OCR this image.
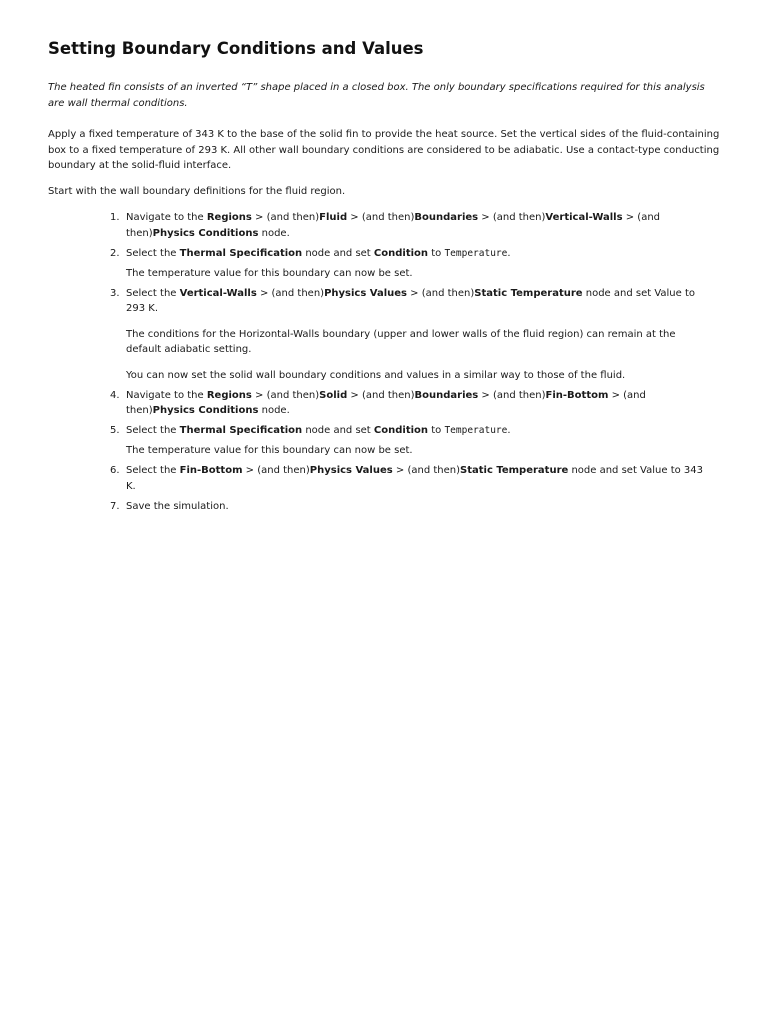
Setting Boundary Conditions and Values

The heated fin consists of an inverted “T” shape placed in a closed box. The only boundary specifications required for this analysis are wall thermal conditions.

Apply a fixed temperature of 343 K to the base of the solid fin to provide the heat source. Set the vertical sides of the fluid-containing box to a fixed temperature of 293 K. All other wall boundary conditions are considered to be adiabatic. Use a contact-type conducting boundary at the solid-fluid interface.

Start with the wall boundary definitions for the fluid region.

1. Navigate to the Regions > (and then)Fluid > (and then)Boundaries > (and then)Vertical-Walls > (and then)Physics Conditions node.

2. Select the Thermal Specification node and set Condition to Temperature.

The temperature value for this boundary can now be set.

3. Select the Vertical-Walls > (and then)Physics Values > (and then)Static Temperature node and set Value to 293 K.

The conditions for the Horizontal-Walls boundary (upper and lower walls of the fluid region) can remain at the default adiabatic setting.

You can now set the solid wall boundary conditions and values in a similar way to those of the fluid.

4. Navigate to the Regions > (and then)Solid > (and then)Boundaries > (and then)Fin-Bottom > (and then)Physics Conditions node.

5. Select the Thermal Specification node and set Condition to Temperature.

The temperature value for this boundary can now be set.

6. Select the Fin-Bottom > (and then)Physics Values > (and then)Static Temperature node and set Value to 343 K.

7. Save the simulation.
